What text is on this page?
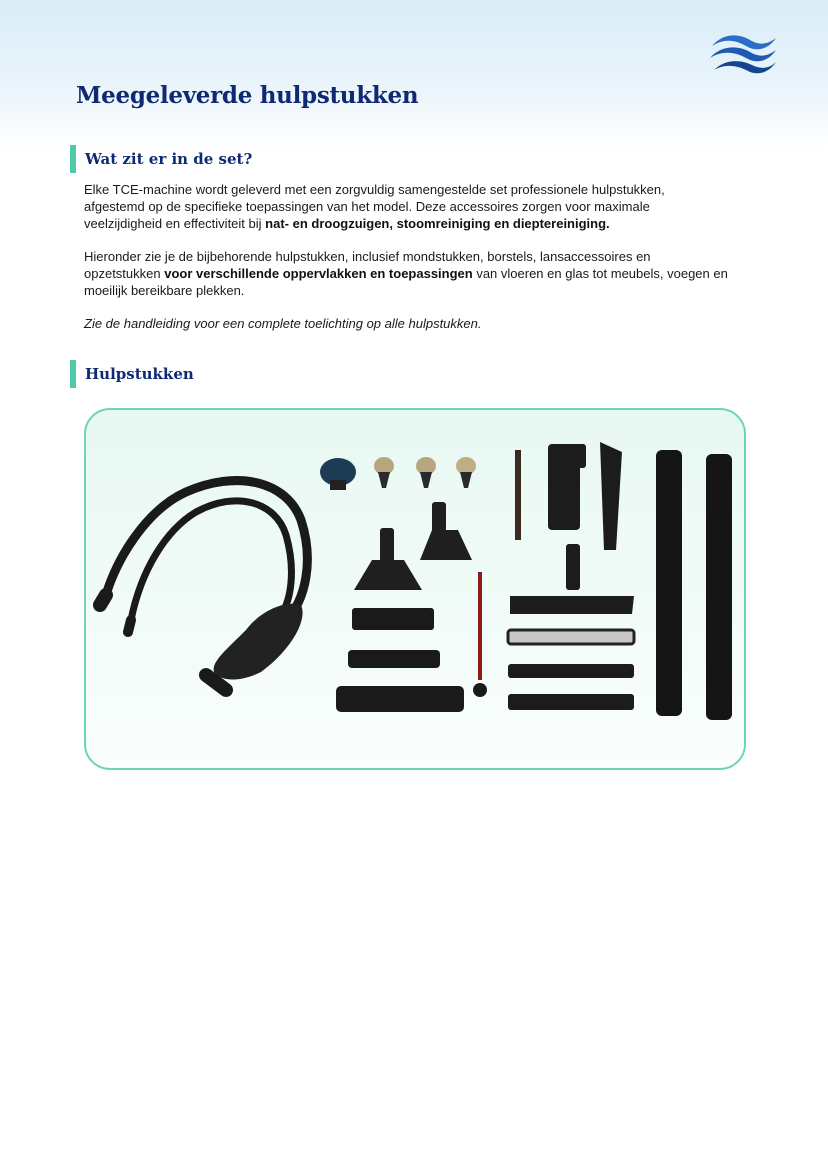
Meegeleverde hulpstukken
Wat zit er in de set?

Elke TCE-machine wordt geleverd met een zorgvuldig samengestelde set professionele hulpstukken,
afgestemd op de specifieke toepassingen van het model. Deze accessoires zorgen voor maximale
veelzijdigheid en effectiviteit bij nat- en droogzuigen, stoomreiniging en dieptereiniging.

Hieronder zie je de bijbehorende hulpstukken, inclusief mondstukken, borstels, lansaccessoires en
opzetstukken voor verschillende oppervlakken en toepassingen van vloeren en glas tot meubels, voegen en
moeilijk bereikbare plekken.

Zie de handleiding voor een complete toelichting op alle hulpstukken.

Hulpstukken
